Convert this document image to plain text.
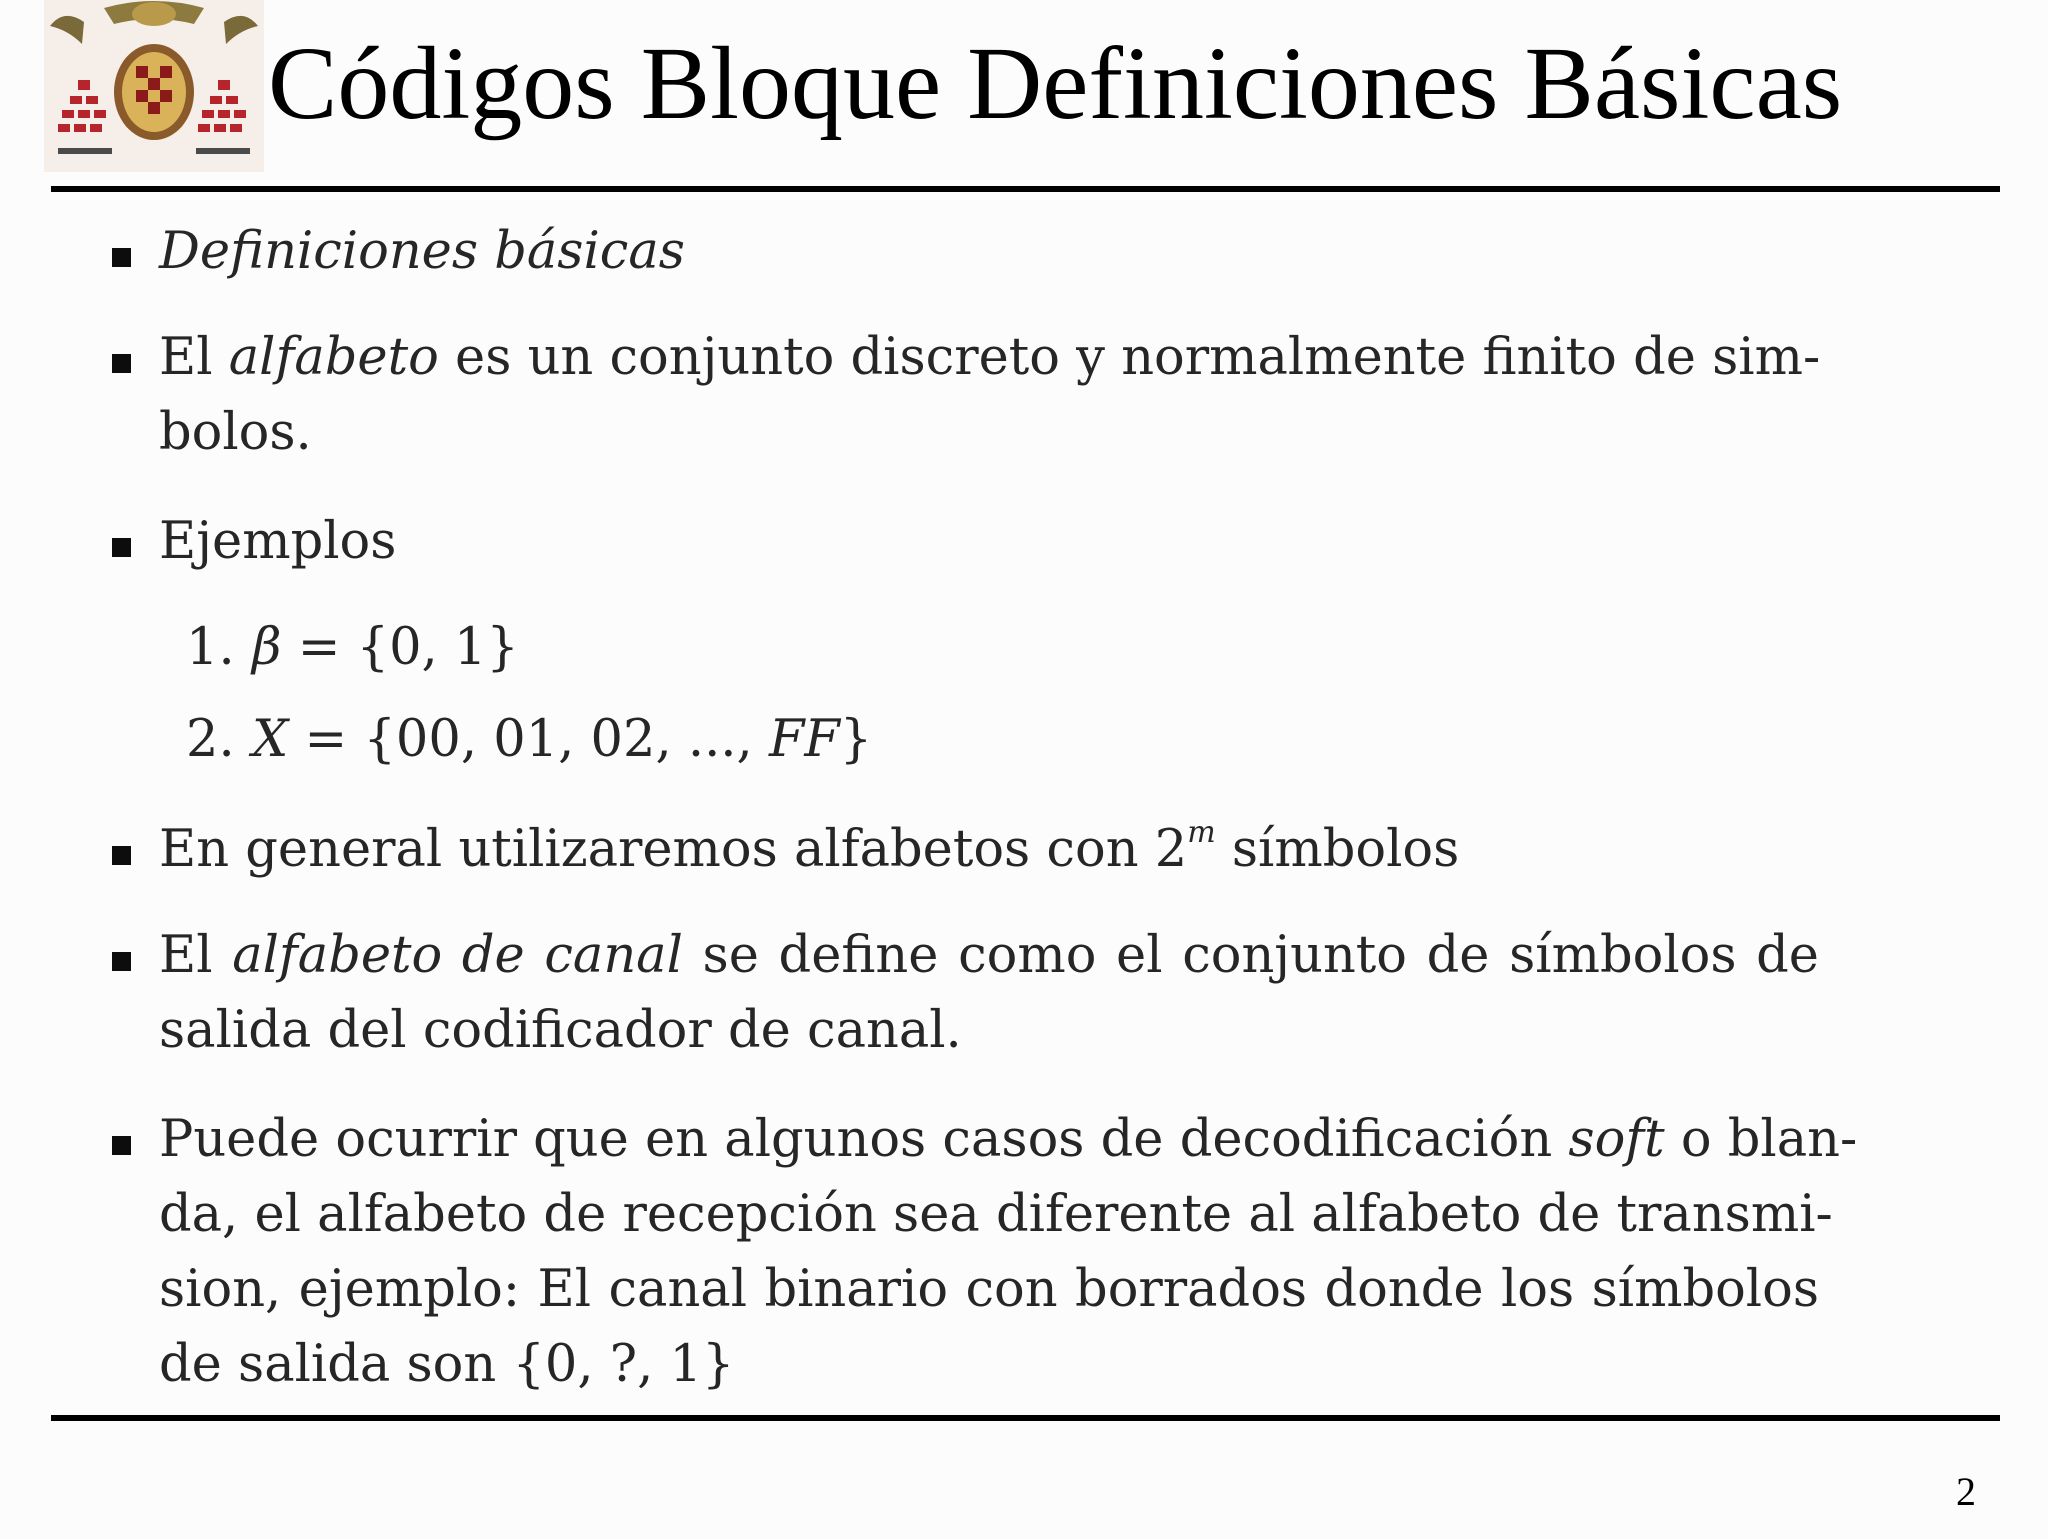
Códigos Bloque Definiciones Básicas
Definiciones básicas
El alfabeto es un conjunto discreto y normalmente finito de sim-
bolos.
Ejemplos
1. β = {0, 1}
2. X = {00, 01, 02, ..., FF}
En general utilizaremos alfabetos con 2$^m$ símbolos
El alfabeto de canal se define como el conjunto de símbolos de
salida del codificador de canal.
Puede ocurrir que en algunos casos de decodificación soft o blan-
da, el alfabeto de recepción sea diferente al alfabeto de transmi-
sion, ejemplo: El canal binario con borrados donde los símbolos
de salida son {0, ?, 1}
2
